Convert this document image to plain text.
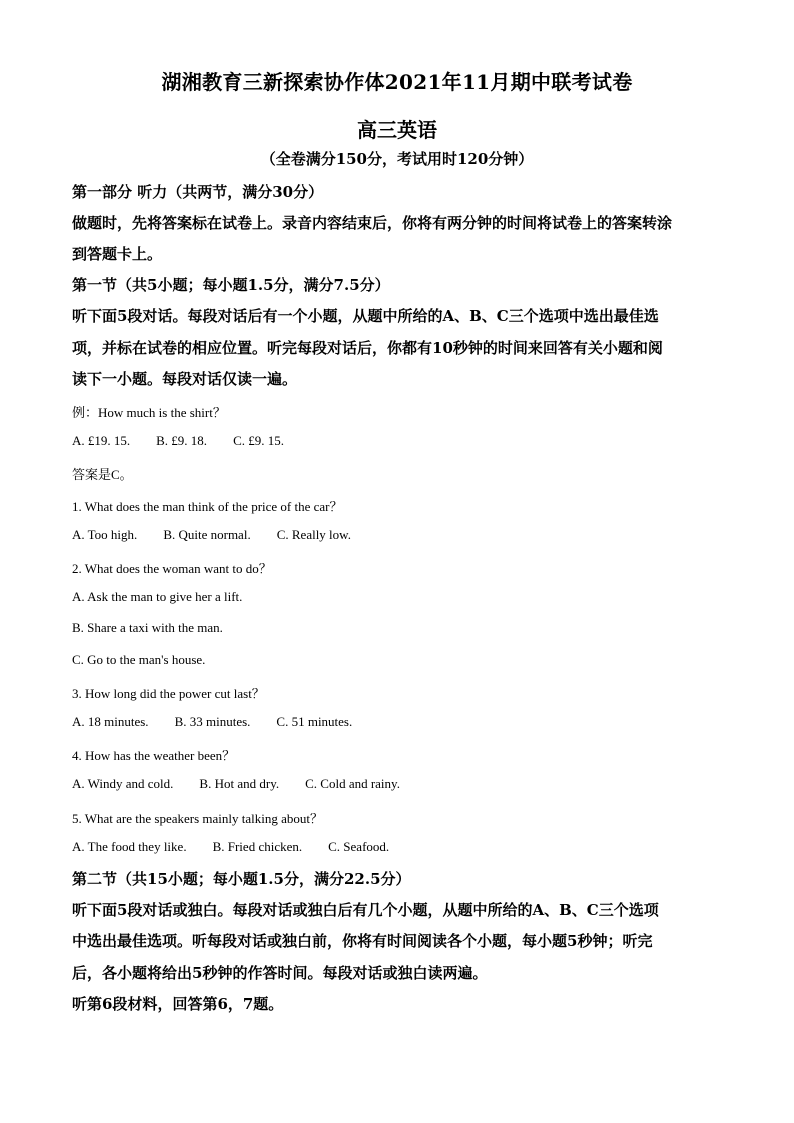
湖湘教育三新探索协作体2021年11月期中联考试卷
高三英语
（全卷满分150分，考试用时120分钟）
第一部分 听力（共两节，满分30分）
做题时，先将答案标在试卷上。录音内容结束后，你将有两分钟的时间将试卷上的答案转涂
到答题卡上。
第一节（共5小题；每小题1.5分，满分7.5分）
听下面5段对话。每段对话后有一个小题，从题中所给的A、B、C三个选项中选出最佳选
项，并标在试卷的相应位置。听完每段对话后，你都有10秒钟的时间来回答有关小题和阅
读下一小题。每段对话仅读一遍。
例：How much is the shirt？
A. £19. 15. B. £9. 18. C. £9. 15.
答案是C。
1. What does the man think of the price of the car？
A. Too high. B. Quite normal. C. Really low.
2. What does the woman want to do？
A. Ask the man to give her a lift.
B. Share a taxi with the man.
C. Go to the man's house.
3. How long did the power cut last？
A. 18 minutes. B. 33 minutes. C. 51 minutes.
4. How has the weather been？
A. Windy and cold. B. Hot and dry. C. Cold and rainy.
5. What are the speakers mainly talking about？
A. The food they like. B. Fried chicken. C. Seafood.
第二节（共15小题；每小题1.5分，满分22.5分）
听下面5段对话或独白。每段对话或独白后有几个小题，从题中所给的A、B、C三个选项
中选出最佳选项。听每段对话或独白前，你将有时间阅读各个小题，每小题5秒钟；听完
后，各小题将给出5秒钟的作答时间。每段对话或独白读两遍。
听第6段材料，回答第6，7题。
